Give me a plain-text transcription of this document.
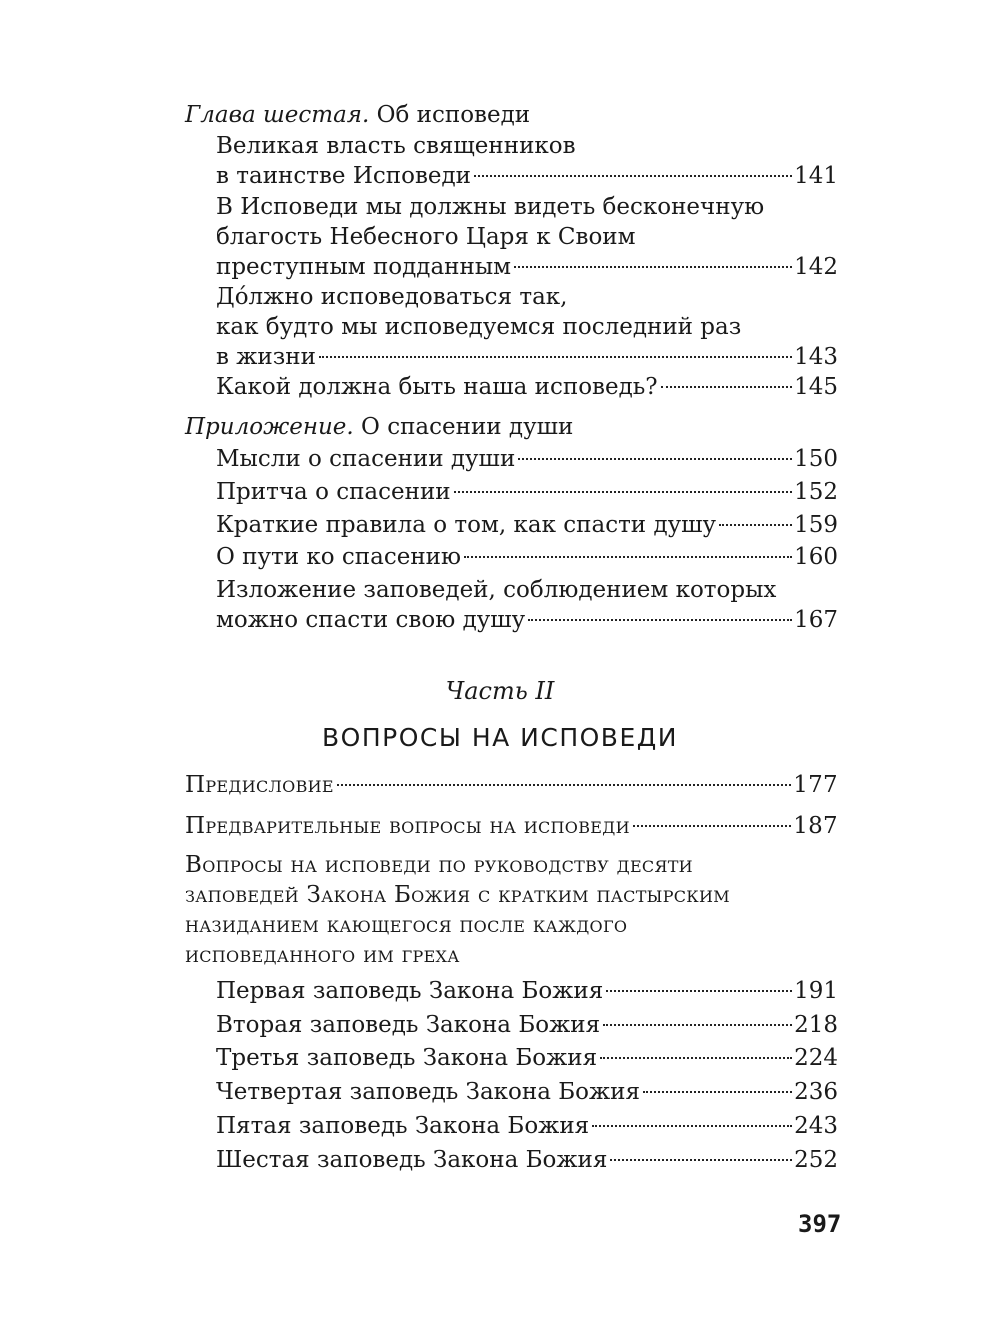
Глава шестая. Об исповеди
Великая власть священников
в таинстве Исповеди	141
В Исповеди мы должны видеть бесконечную
благость Небесного Царя к Своим
преступным подданным	142
До́лжно исповедоваться так,
как будто мы исповедуемся последний раз
в жизни	143
Какой должна быть наша исповедь?	145
Приложение. О спасении души
Мысли о спасении души	150
Притча о спасении	152
Краткие правила о том, как спасти душу	159
О пути ко спасению	160
Изложение заповедей, соблюдением которых
можно спасти свою душу	167
Часть II
ВОПРОСЫ НА ИСПОВЕДИ
Предисловие	177
Предварительные вопросы на исповеди	187
Вопросы на исповеди по руководству десяти
заповедей Закона Божия с кратким пастырским
назиданием кающегося после каждого
исповеданного им греха
Первая заповедь Закона Божия	191
Вторая заповедь Закона Божия	218
Третья заповедь Закона Божия	224
Четвертая заповедь Закона Божия	236
Пятая заповедь Закона Божия	243
Шестая заповедь Закона Божия	252
397
